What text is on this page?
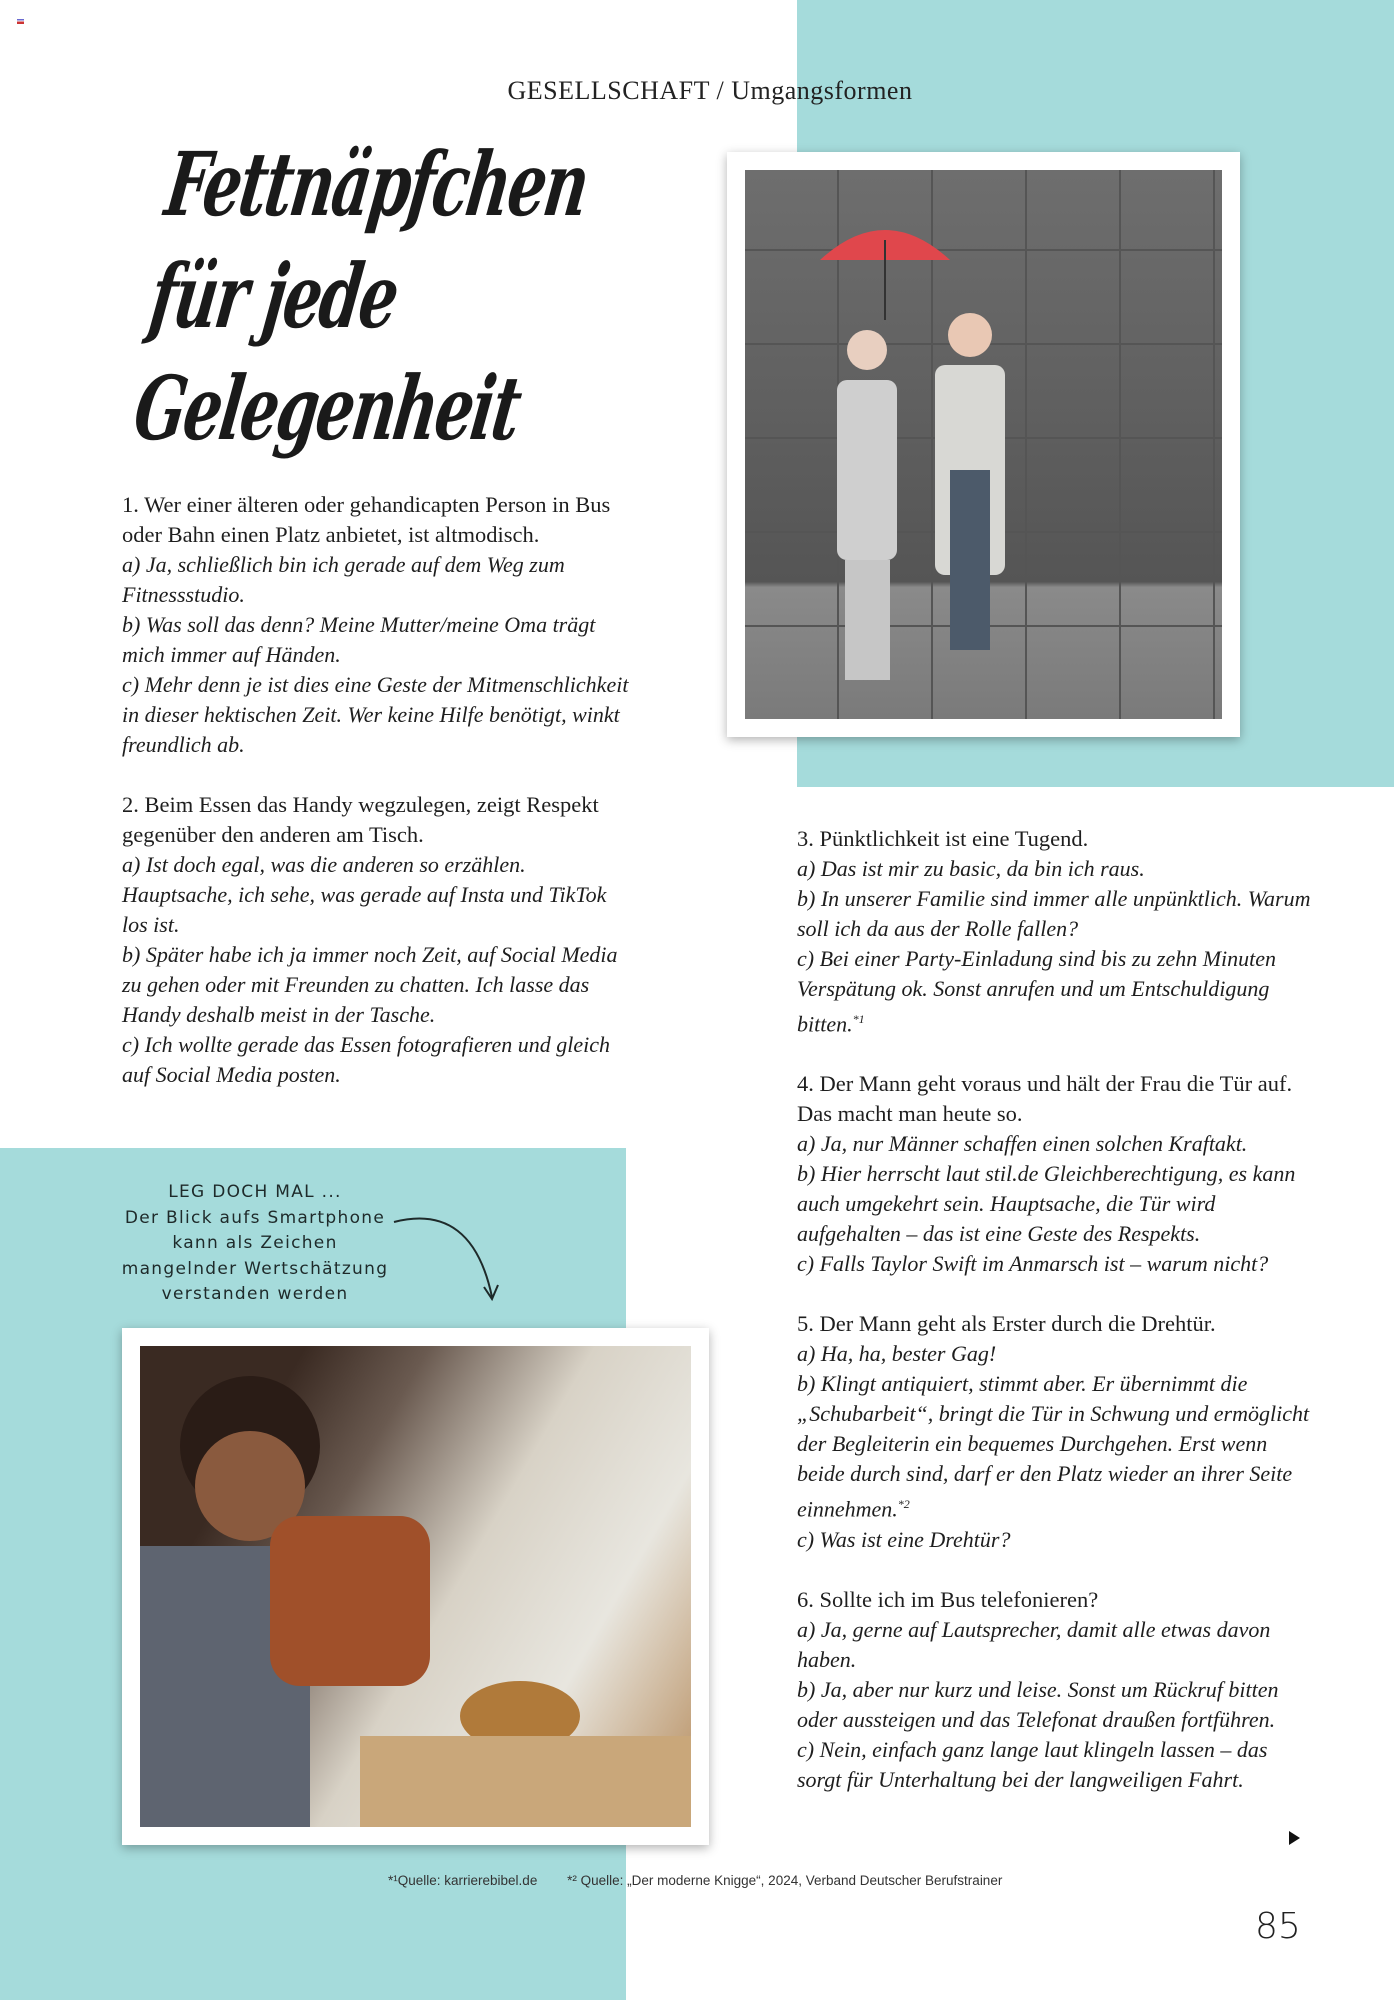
GESELLSCHAFT / Umgangsformen
Fettnäpfchen
für jede
Gelegenheit
1. Wer einer älteren oder gehandicapten Person in Bus oder Bahn einen Platz anbietet, ist altmodisch.

a) Ja, schließlich bin ich gerade auf dem Weg zum Fitnessstudio.

b) Was soll das denn? Meine Mutter/meine Oma trägt mich immer auf Händen.

c) Mehr denn je ist dies eine Geste der Mitmenschlichkeit in dieser hektischen Zeit. Wer keine Hilfe benötigt, winkt freundlich ab.

2. Beim Essen das Handy wegzulegen, zeigt Respekt gegenüber den anderen am Tisch.

a) Ist doch egal, was die anderen so erzählen. Hauptsache, ich sehe, was gerade auf Insta und TikTok los ist.

b) Später habe ich ja immer noch Zeit, auf Social Media zu gehen oder mit Freunden zu chatten. Ich lasse das Handy deshalb meist in der Tasche.

c) Ich wollte gerade das Essen fotografieren und gleich auf Social Media posten.

3. Pünktlichkeit ist eine Tugend.

a) Das ist mir zu basic, da bin ich raus.

b) In unserer Familie sind immer alle unpünktlich. Warum soll ich da aus der Rolle fallen?

c) Bei einer Party-Einladung sind bis zu zehn Minuten Verspätung ok. Sonst anrufen und um Entschuldigung bitten.$^{*1}$

4. Der Mann geht voraus und hält der Frau die Tür auf. Das macht man heute so.

a) Ja, nur Männer schaffen einen solchen Kraftakt.

b) Hier herrscht laut stil.de Gleichberechtigung, es kann auch umgekehrt sein. Hauptsache, die Tür wird aufgehalten – das ist eine Geste des Respekts.

c) Falls Taylor Swift im Anmarsch ist – warum nicht?

5. Der Mann geht als Erster durch die Drehtür.

a) Ha, ha, bester Gag!

b) Klingt antiquiert, stimmt aber. Er übernimmt die „Schubarbeit“, bringt die Tür in Schwung und ermöglicht der Begleiterin ein bequemes Durchgehen. Erst wenn beide durch sind, darf er den Platz wieder an ihrer Seite einnehmen.$^{*2}$

c) Was ist eine Drehtür?

6. Sollte ich im Bus telefonieren?

a) Ja, gerne auf Lautsprecher, damit alle etwas davon haben.

b) Ja, aber nur kurz und leise. Sonst um Rückruf bitten oder aussteigen und das Telefonat draußen fortführen.

c) Nein, einfach ganz lange laut klingeln lassen – das sorgt für Unterhaltung bei der langweiligen Fahrt.

LEG DOCH MAL ...
Der Blick aufs Smartphone
kann als Zeichen
mangelnder Wertschätzung
verstanden werden
*¹Quelle: karrierebibel.de *² Quelle: „Der moderne Knigge“, 2024, Verband Deutscher Berufstrainer
85
